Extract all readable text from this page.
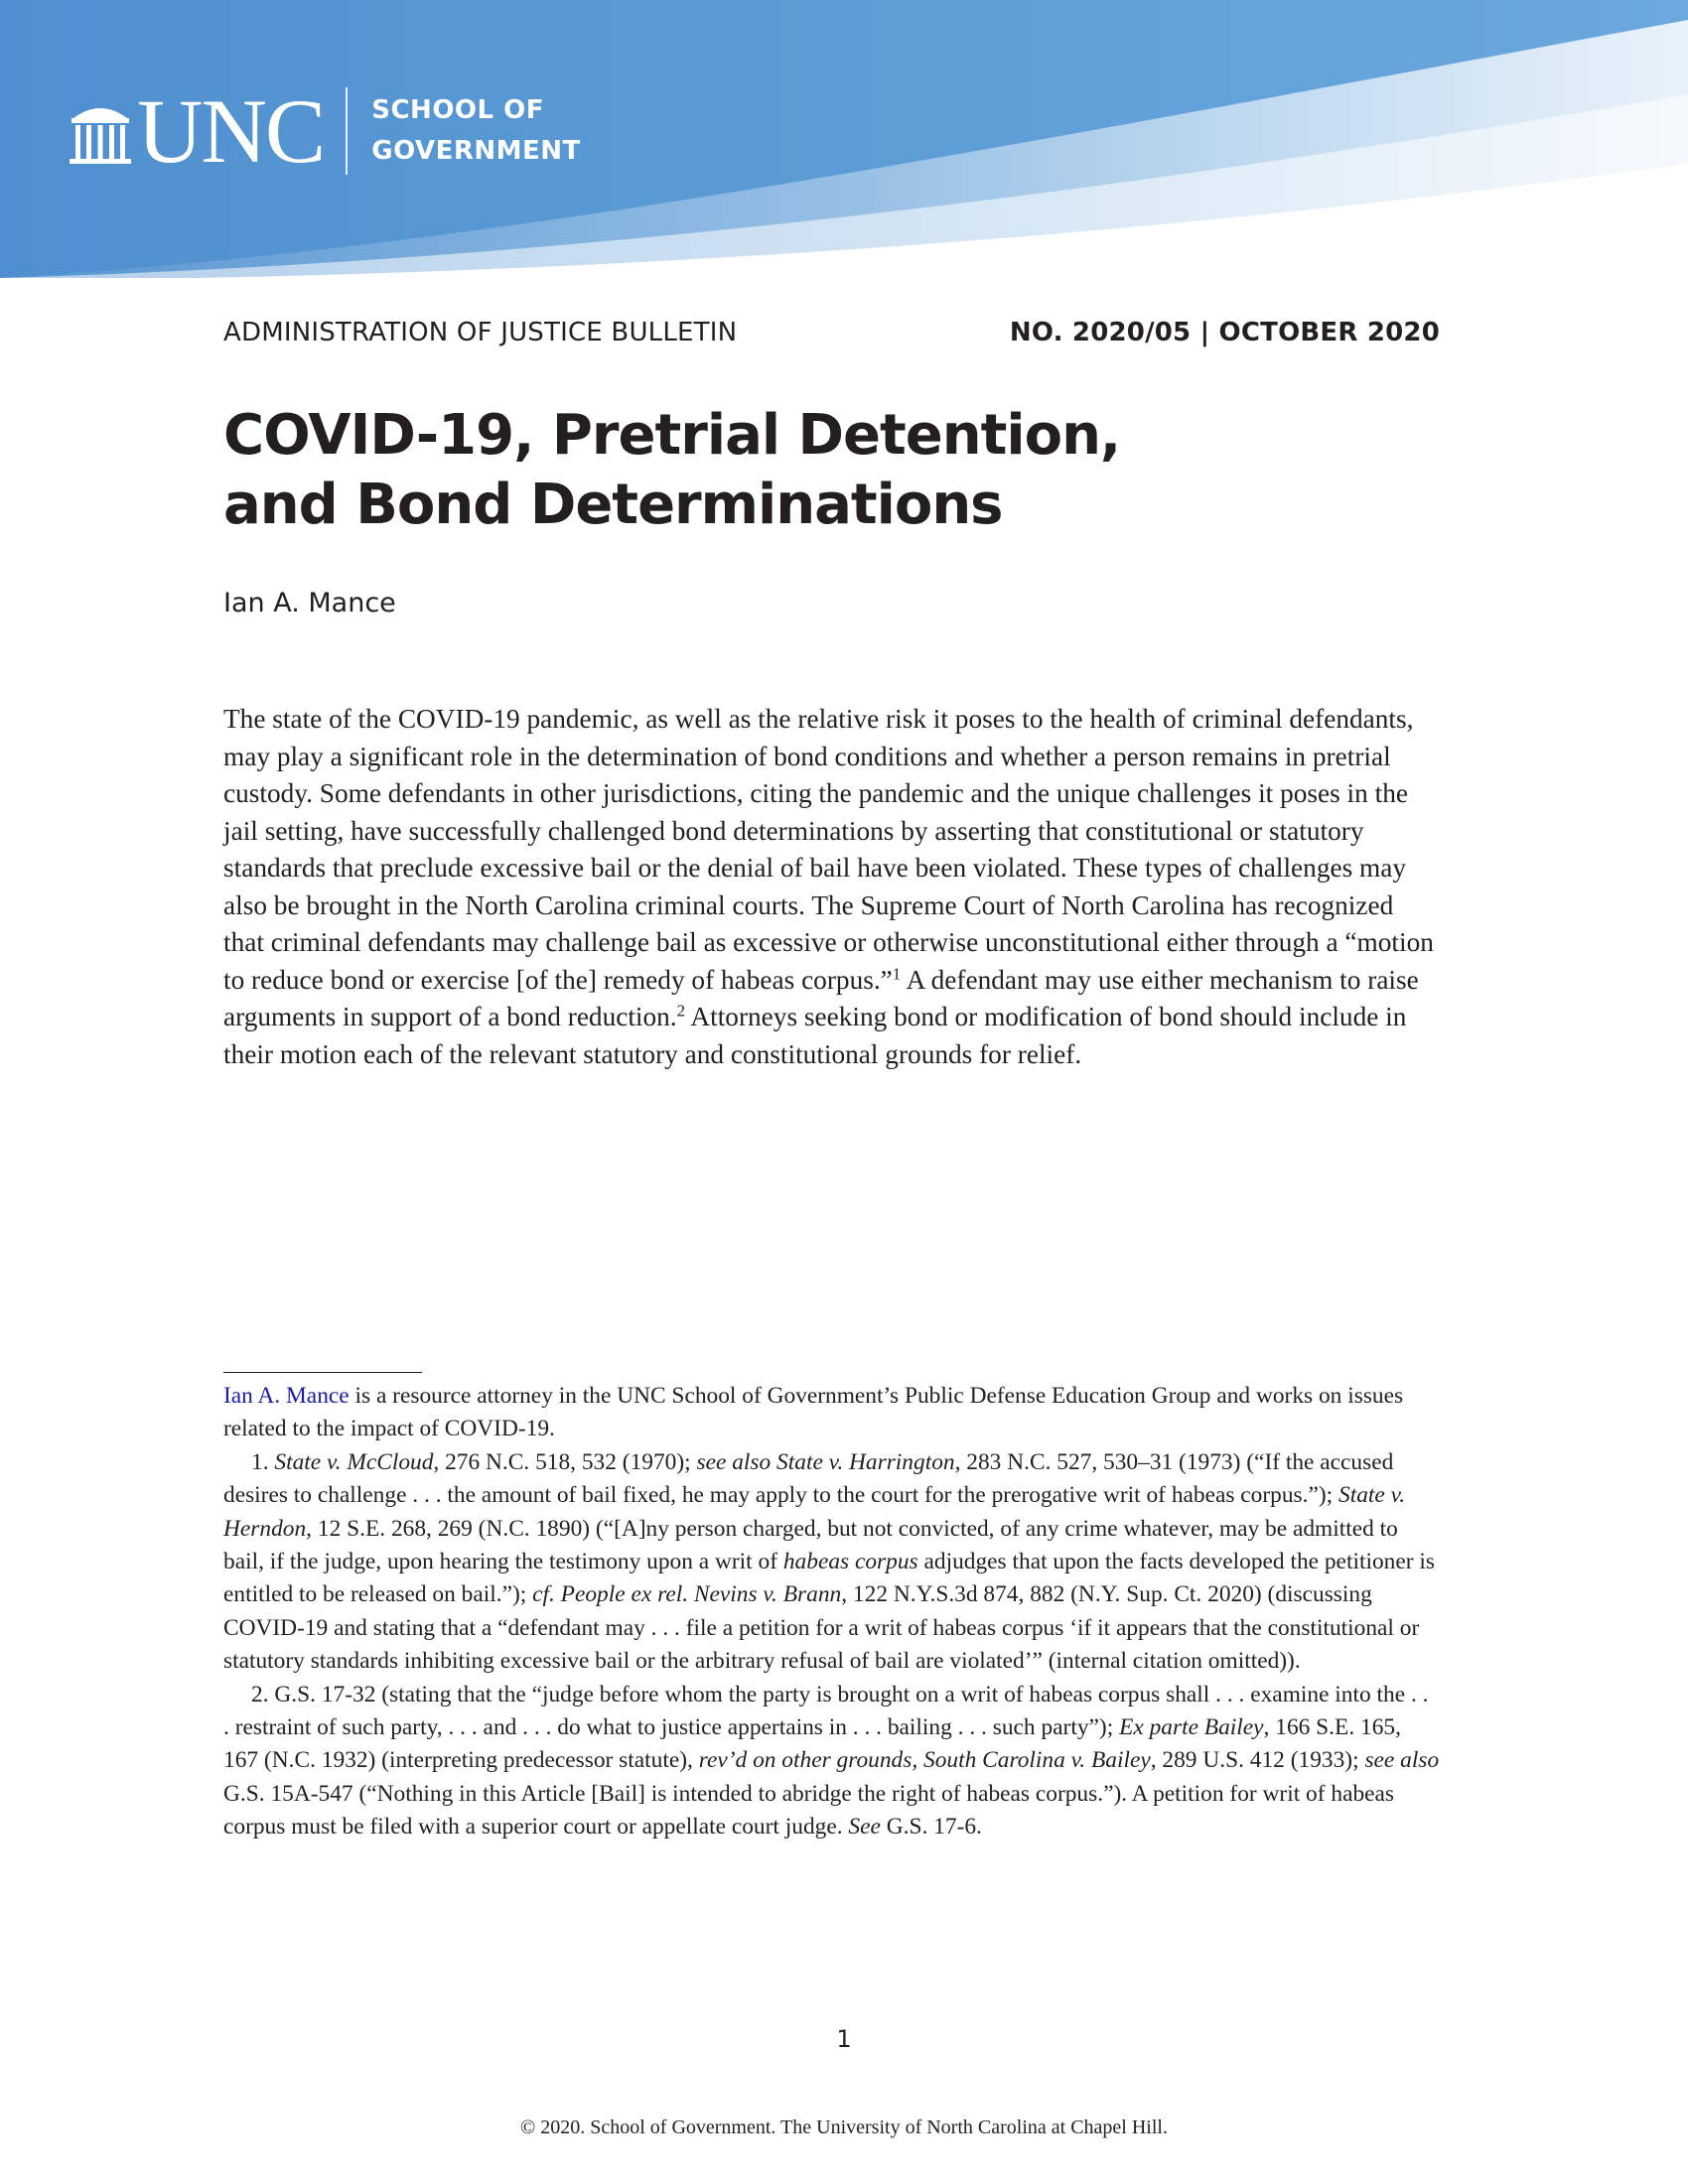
UNC SCHOOL OF
GOVERNMENT
ADMINISTRATION OF JUSTICE BULLETIN	NO. 2020/05 | OCTOBER 2020
COVID-19, Pretrial Detention,
and Bond Determinations
Ian A. Mance

The state of the COVID-19 pandemic, as well as the relative risk it poses to the health of criminal defendants, may play a significant role in the determination of bond conditions and whether a person remains in pretrial custody. Some defendants in other jurisdictions, citing the pandemic and the unique challenges it poses in the jail setting, have successfully challenged bond determinations by asserting that constitutional or statutory standards that preclude excessive bail or the denial of bail have been violated. These types of challenges may also be brought in the North Carolina criminal courts. The Supreme Court of North Carolina has recognized that criminal defendants may challenge bail as excessive or otherwise unconstitutional either through a “motion to reduce bond or exercise [of the] remedy of habeas corpus.”$^1$ A defendant may use either mechanism to raise arguments in support of a bond reduction.$^2$ Attorneys seeking bond or modification of bond should include in their motion each of the relevant statutory and constitutional grounds for relief.

Ian A. Mance is a resource attorney in the UNC School of Government’s Public Defense Education Group and works on issues related to the impact of COVID-19.

1. State v. McCloud, 276 N.C. 518, 532 (1970); see also State v. Harrington, 283 N.C. 527, 530–31 (1973) (“If the accused desires to challenge . . . the amount of bail fixed, he may apply to the court for the prerogative writ of habeas corpus.”); State v. Herndon, 12 S.E. 268, 269 (N.C. 1890) (“[A]ny person charged, but not convicted, of any crime whatever, may be admitted to bail, if the judge, upon hearing the testimony upon a writ of habeas corpus adjudges that upon the facts developed the petitioner is entitled to be released on bail.”); cf. People ex rel. Nevins v. Brann, 122 N.Y.S.3d 874, 882 (N.Y. Sup. Ct. 2020) (discussing COVID-19 and stating that a “defendant may . . . file a petition for a writ of habeas corpus ‘if it appears that the constitutional or statutory standards inhibiting excessive bail or the arbitrary refusal of bail are violated’” (internal citation omitted)).

2. G.S. 17-32 (stating that the “judge before whom the party is brought on a writ of habeas corpus shall . . . examine into the . . . restraint of such party, . . . and . . . do what to justice appertains in . . . bailing . . . such party”); Ex parte Bailey, 166 S.E. 165, 167 (N.C. 1932) (interpreting predecessor statute), rev’d on other grounds, South Carolina v. Bailey, 289 U.S. 412 (1933); see also G.S. 15A-547 (“Nothing in this Article [Bail] is intended to abridge the right of habeas corpus.”). A petition for writ of habeas corpus must be filed with a superior court or appellate court judge. See G.S. 17-6.

1
© 2020. School of Government. The University of North Carolina at Chapel Hill.
